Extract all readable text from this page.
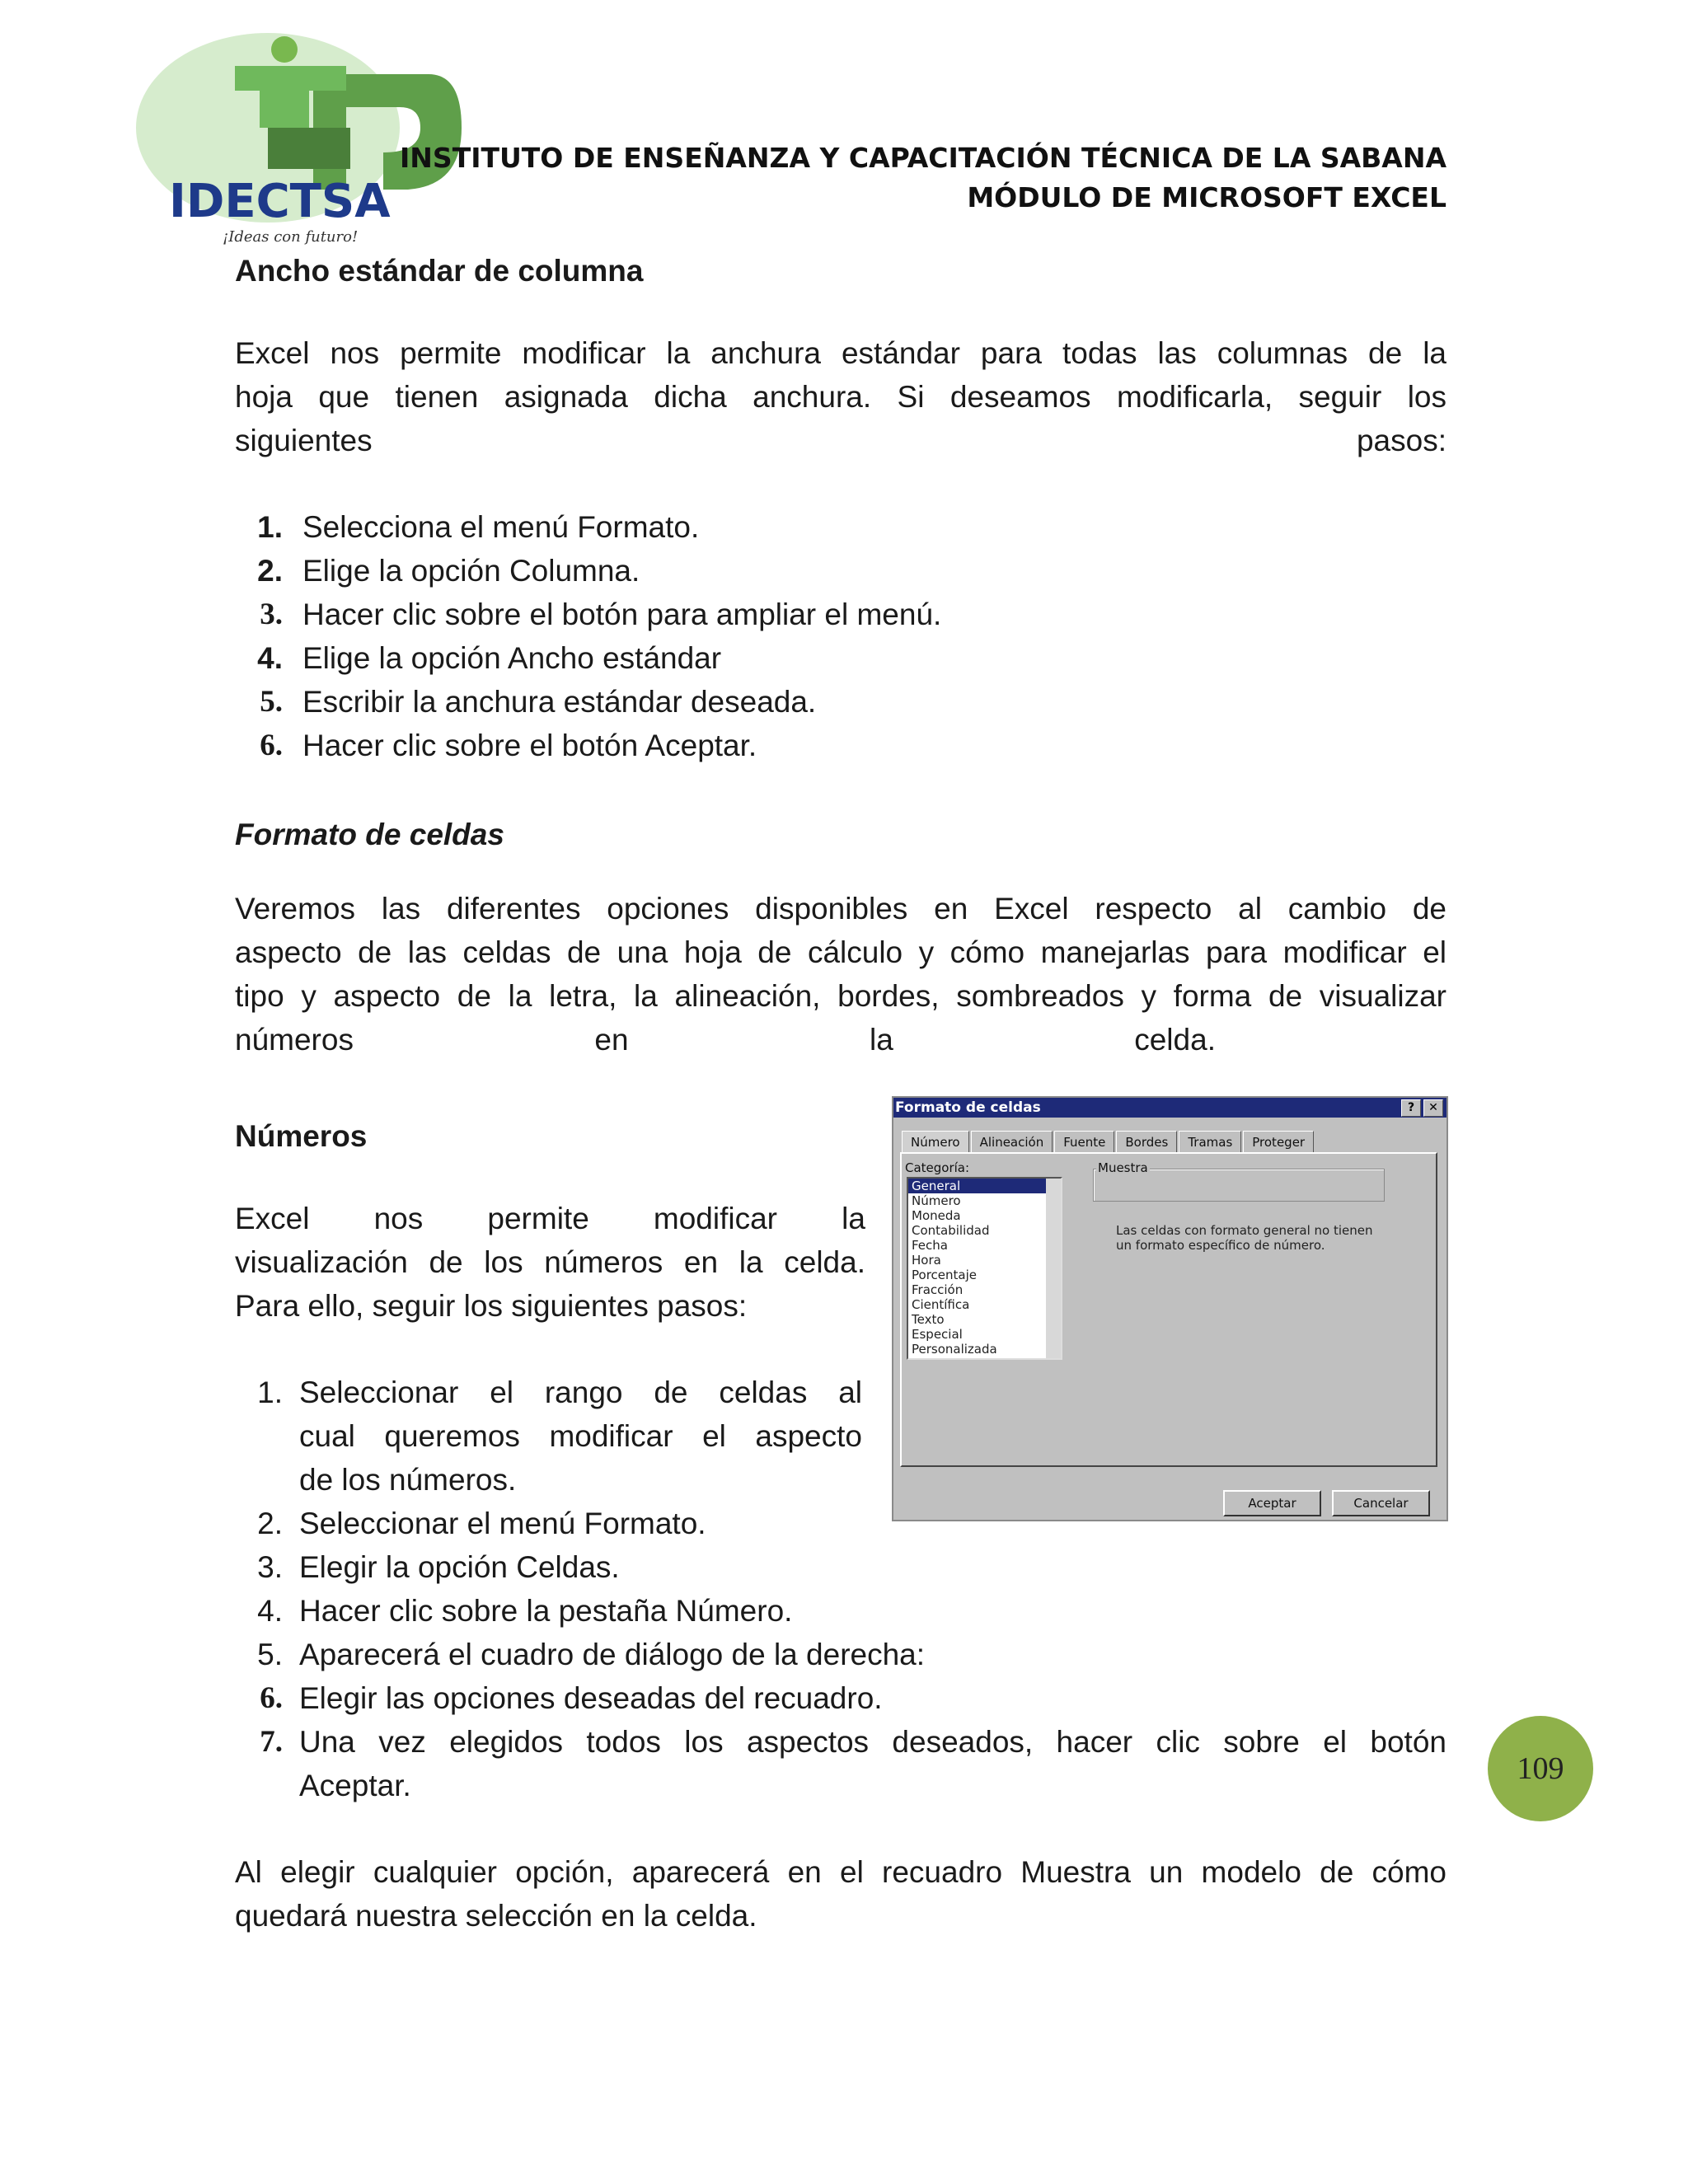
IDECTSA
¡Ideas con futuro!
INSTITUTO DE ENSEÑANZA Y CAPACITACIÓN TÉCNICA DE LA SABANA
MÓDULO DE MICROSOFT EXCEL

Ancho estándar de columna

Excel nos permite modificar la anchura estándar para todas las columnas de la

hoja que tienen asignada dicha anchura. Si deseamos modificarla, seguir los

siguientes	pasos:
1. Selecciona el menú Formato.
2. Elige la opción Columna.
3. Hacer clic sobre el botón para ampliar el menú.
4. Elige la opción Ancho estándar
5. Escribir la anchura estándar deseada.
6. Hacer clic sobre el botón Aceptar.

Formato de celdas

Veremos las diferentes opciones disponibles en Excel respecto al cambio de

aspecto de las celdas de una hoja de cálculo y cómo manejarlas para modificar el

tipo y aspecto de la letra, la alineación, bordes, sombreados y forma de visualizar

números	en	la	celda.

Números

Excel nos permite modificar la

visualización de los números en la celda.

Para ello, seguir los siguientes pasos:

1. Seleccionar el rango de celdas al
cual queremos modificar el aspecto
de los números.
2. Seleccionar el menú Formato.
3. Elegir la opción Celdas.
4. Hacer clic sobre la pestaña Número.
5. Aparecerá el cuadro de diálogo de la derecha:
6. Elegir las opciones deseadas del recuadro.
7. Una vez elegidos todos los aspectos deseados, hacer clic sobre el botón
Aceptar.

Al elegir cualquier opción, aparecerá en el recuadro Muestra un modelo de cómo

quedará nuestra selección en la celda.

Formato de celdas	?	✕
Número	Alineación	Fuente	Bordes	Tramas	Proteger
Categoría:
General
Número
Moneda
Contabilidad
Fecha
Hora
Porcentaje
Fracción
Científica
Texto
Especial
Personalizada
Muestra
Las celdas con formato general no tienen un formato específico de número.
Aceptar	Cancelar
109
